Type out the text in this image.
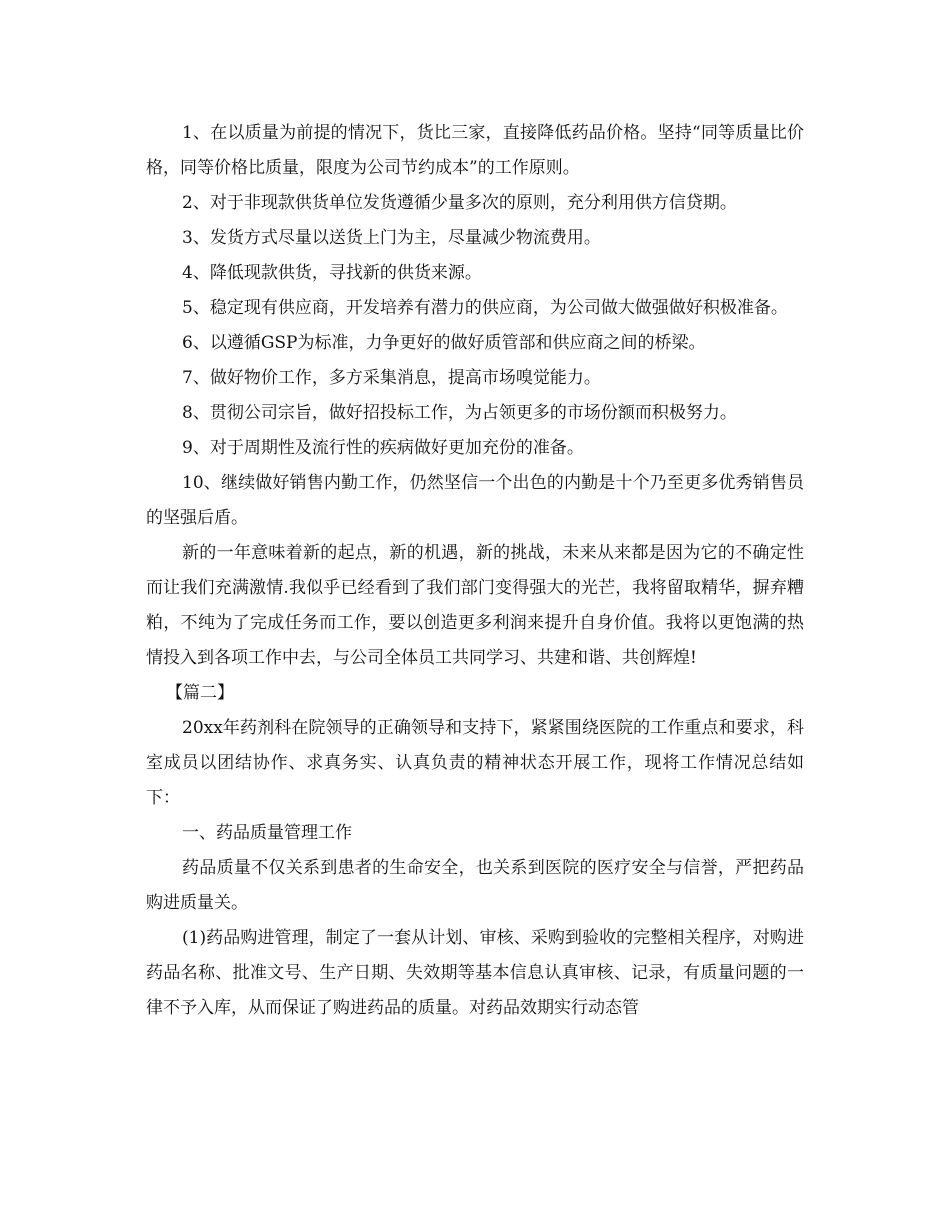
1、在以质量为前提的情况下，货比三家，直接降低药品价格。坚持“同等质量比价格，同等价格比质量，限度为公司节约成本”的工作原则。

2、对于非现款供货单位发货遵循少量多次的原则，充分利用供方信贷期。

3、发货方式尽量以送货上门为主，尽量减少物流费用。

4、降低现款供货，寻找新的供货来源。

5、稳定现有供应商，开发培养有潜力的供应商，为公司做大做强做好积极准备。

6、以遵循GSP为标准，力争更好的做好质管部和供应商之间的桥梁。

7、做好物价工作，多方采集消息，提高市场嗅觉能力。

8、贯彻公司宗旨，做好招投标工作，为占领更多的市场份额而积极努力。

9、对于周期性及流行性的疾病做好更加充份的准备。

10、继续做好销售内勤工作，仍然坚信一个出色的内勤是十个乃至更多优秀销售员的坚强后盾。

新的一年意味着新的起点，新的机遇，新的挑战，未来从来都是因为它的不确定性而让我们充满激情.我似乎已经看到了我们部门变得强大的光芒，我将留取精华，摒弃糟粕，不纯为了完成任务而工作，要以创造更多利润来提升自身价值。我将以更饱满的热情投入到各项工作中去，与公司全体员工共同学习、共建和谐、共创辉煌!

【篇二】

20xx年药剂科在院领导的正确领导和支持下，紧紧围绕医院的工作重点和要求，科室成员以团结协作、求真务实、认真负责的精神状态开展工作，现将工作情况总结如下：

一、药品质量管理工作

药品质量不仅关系到患者的生命安全，也关系到医院的医疗安全与信誉，严把药品购进质量关。

(1)药品购进管理，制定了一套从计划、审核、采购到验收的完整相关程序，对购进药品名称、批准文号、生产日期、失效期等基本信息认真审核、记录，有质量问题的一律不予入库，从而保证了购进药品的质量。对药品效期实行动态管
